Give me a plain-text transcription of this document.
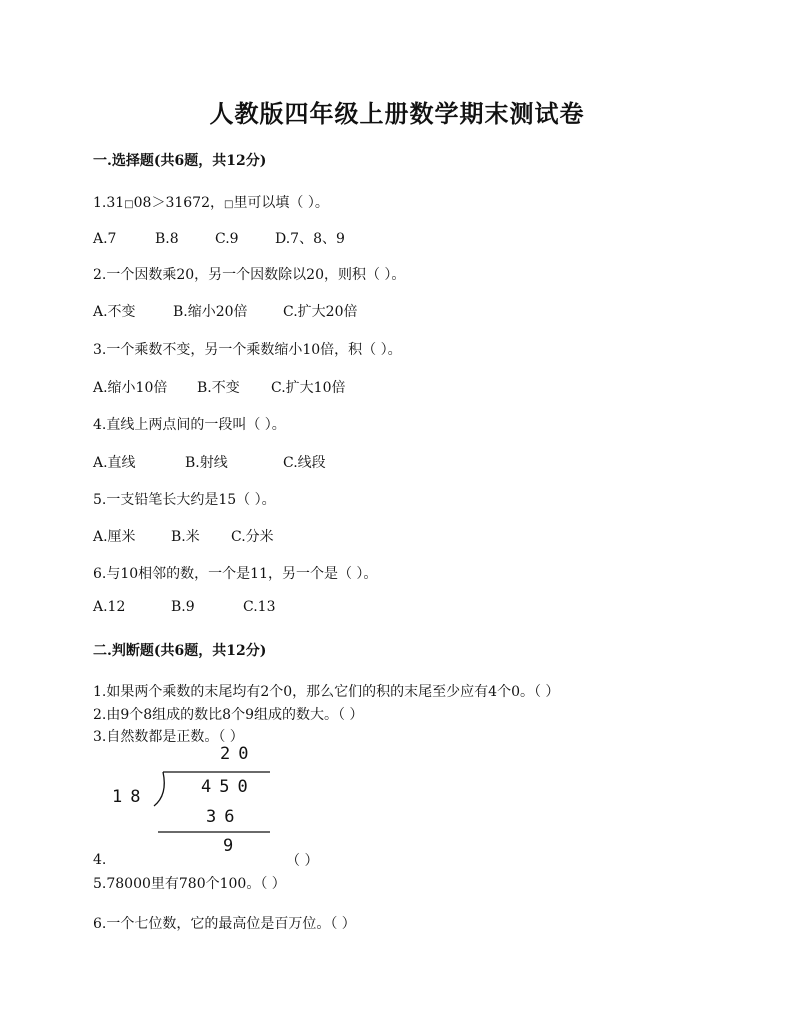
人教版四年级上册数学期末测试卷
一.选择题(共6题，共12分)
1.31□08＞31672，□里可以填（ ）。
A.7	B.8	C.9	D.7、8、9
2.一个因数乘20，另一个因数除以20，则积（ ）。
A.不变	B.缩小20倍	C.扩大20倍
3.一个乘数不变，另一个乘数缩小10倍，积（ ）。
A.缩小10倍 B.不变 C.扩大10倍
4.直线上两点间的一段叫（ ）。
A.直线	B.射线	C.线段
5.一支铅笔长大约是15（ ）。
A.厘米	B.米 C.分米
6.与10相邻的数，一个是11，另一个是（ ）。
A.12	B.9	C.13
二.判断题(共6题，共12分)
1.如果两个乘数的末尾均有2个0，那么它们的积的末尾至少应有4个0。（ ）
2.由9个8组成的数比8个9组成的数大。（ ）
3.自然数都是正数。（ ）
20
18	450
36
9
4.	（ ）
5.78000里有780个100。（ ）
6.一个七位数，它的最高位是百万位。（ ）
